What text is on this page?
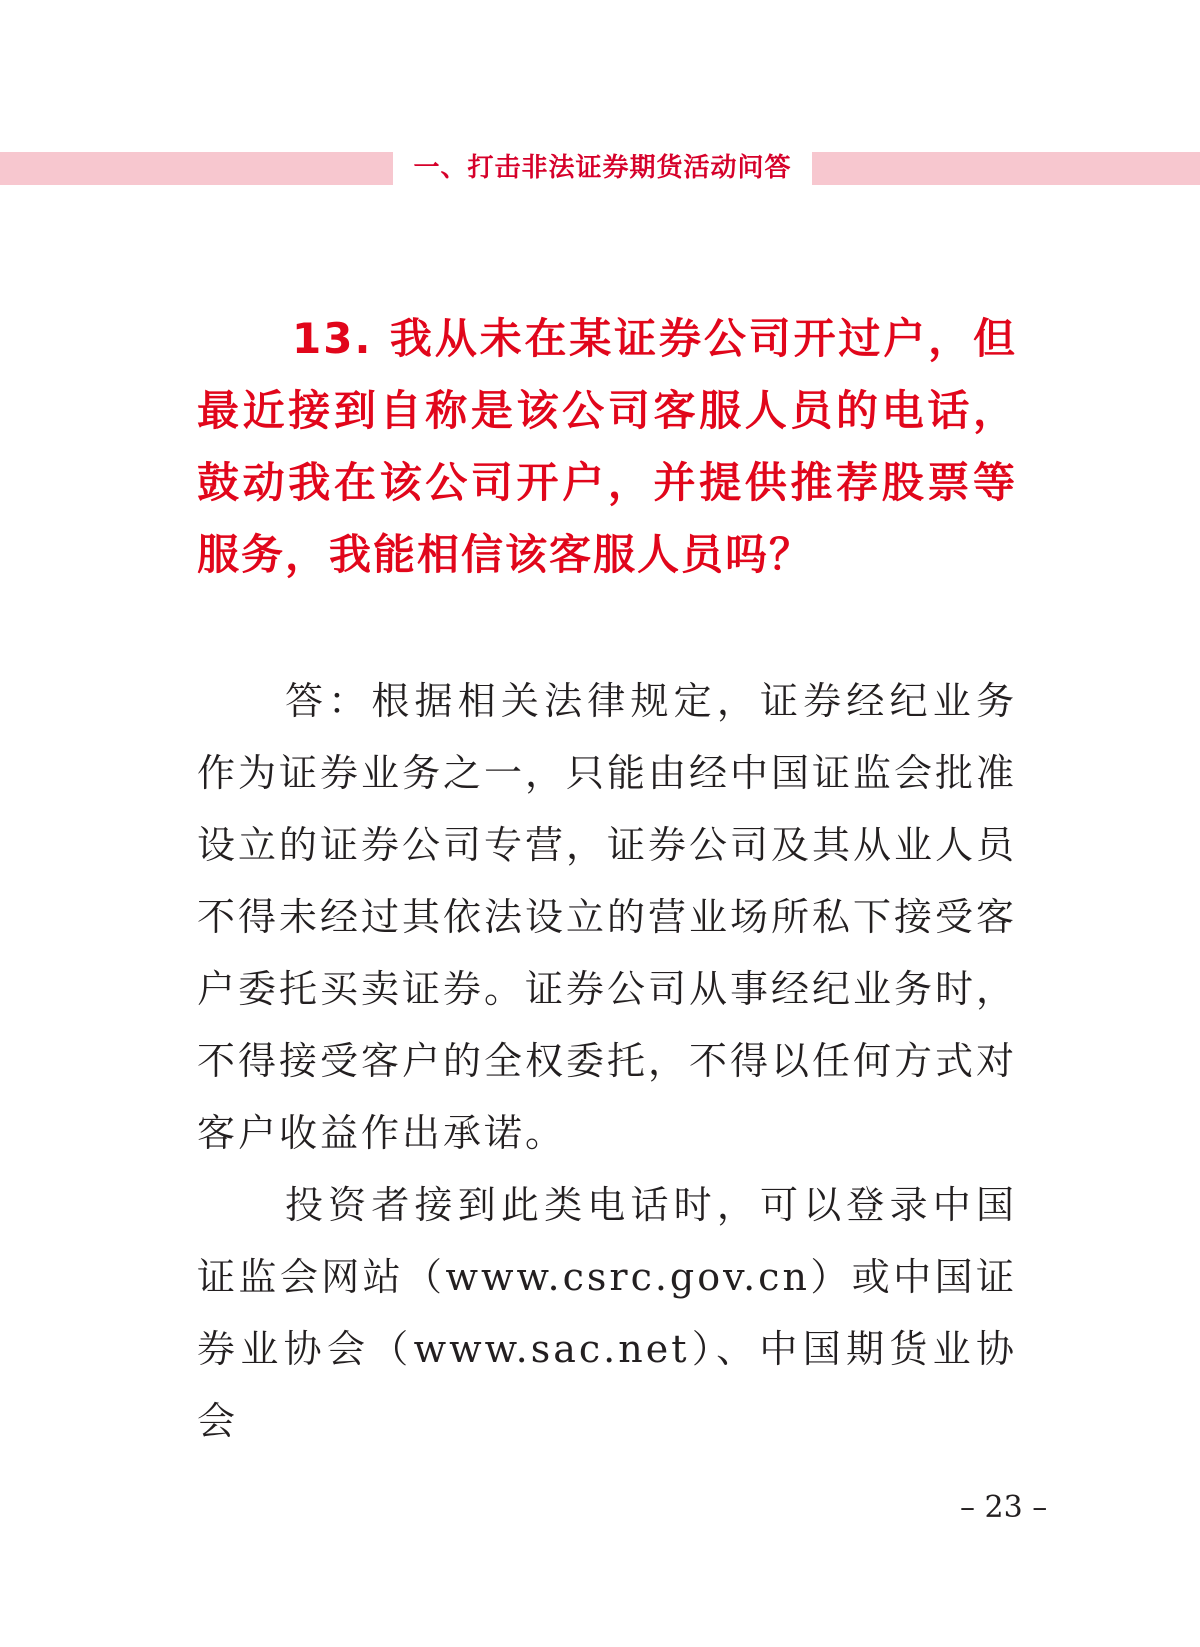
一、打击非法证券期货活动问答
13. 我从未在某证券公司开过户，但最近接到自称是该公司客服人员的电话，鼓动我在该公司开户，并提供推荐股票等服务，我能相信该客服人员吗？

答：根据相关法律规定，证券经纪业务作为证券业务之一，只能由经中国证监会批准设立的证券公司专营，证券公司及其从业人员不得未经过其依法设立的营业场所私下接受客户委托买卖证券。证券公司从事经纪业务时，不得接受客户的全权委托，不得以任何方式对客户收益作出承诺。

投资者接到此类电话时，可以登录中国证监会网站（www.csrc.gov.cn）或中国证券业协会（www.sac.net）、中国期货业协会

– 23 –
